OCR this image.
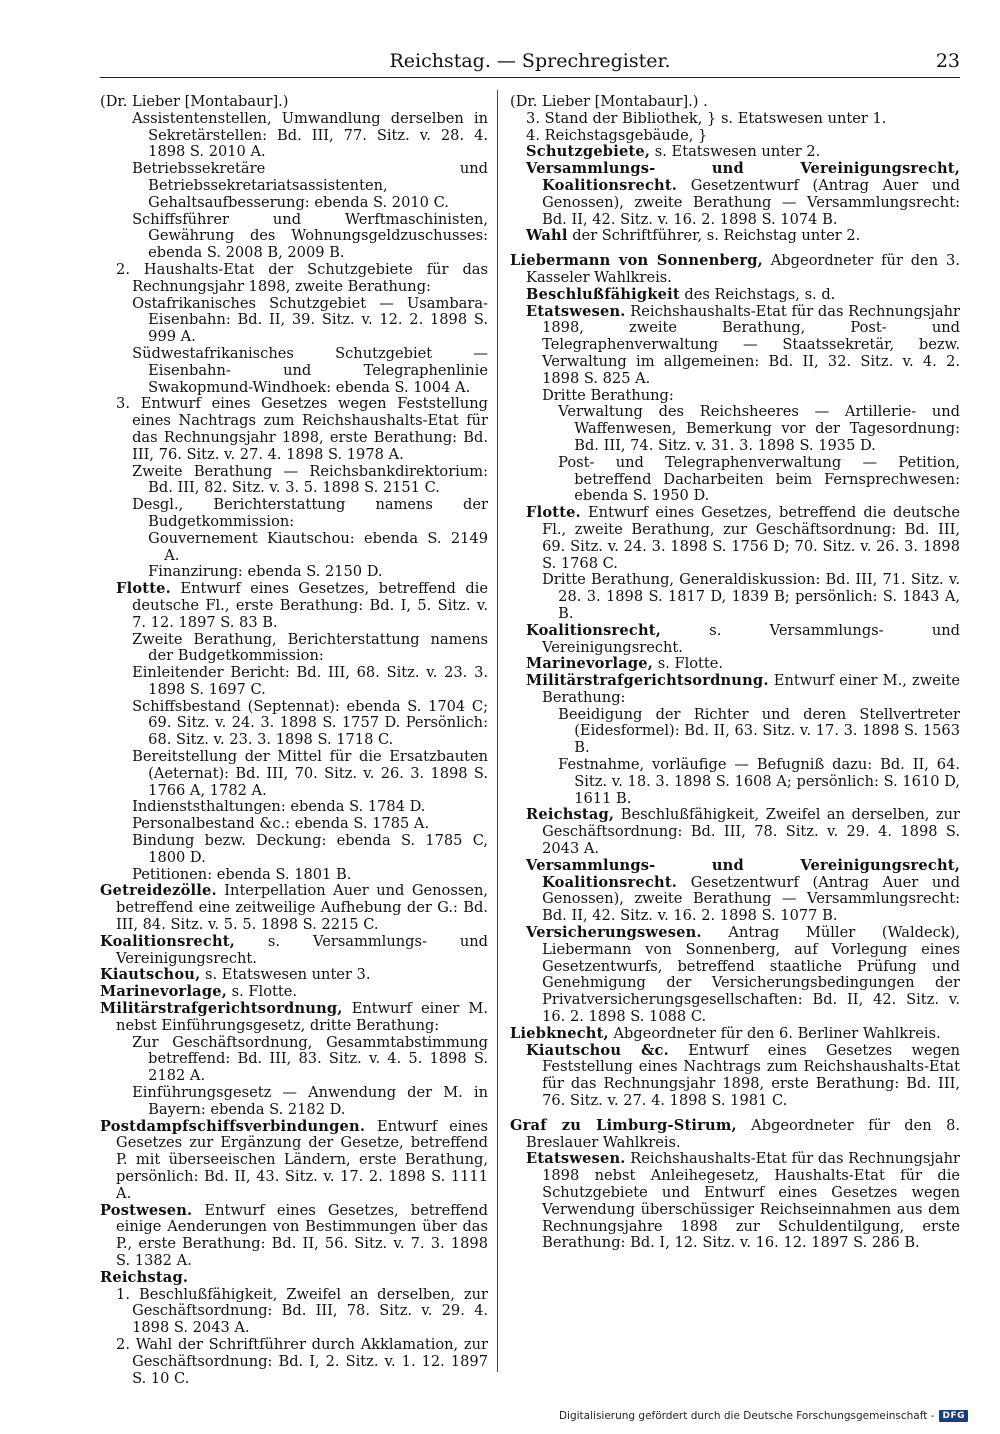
Reichstag. — Sprechregister.	23
(Dr. Lieber [Montabaur].)
Assistentenstellen, Umwandlung derselben in Sekretärstellen: Bd. III, 77. Sitz. v. 28. 4. 1898 S. 2010 A.
Betriebssekretäre und Betriebssekretariatsassistenten, Gehaltsaufbesserung: ebenda S. 2010 C.
Schiffsführer und Werftmaschinisten, Gewährung des Wohnungsgeldzuschusses: ebenda S. 2008 B, 2009 B.
2. Haushalts-Etat der Schutzgebiete für das Rechnungsjahr 1898, zweite Berathung:
Ostafrikanisches Schutzgebiet — Usambara-Eisenbahn: Bd. II, 39. Sitz. v. 12. 2. 1898 S. 999 A.
Südwestafrikanisches Schutzgebiet — Eisenbahn- und Telegraphenlinie Swakopmund-Windhoek: ebenda S. 1004 A.
3. Entwurf eines Gesetzes wegen Feststellung eines Nachtrags zum Reichshaushalts-Etat für das Rechnungsjahr 1898, erste Berathung: Bd. III, 76. Sitz. v. 27. 4. 1898 S. 1978 A.
Zweite Berathung — Reichsbankdirektorium: Bd. III, 82. Sitz. v. 3. 5. 1898 S. 2151 C.
Desgl., Berichterstattung namens der Budgetkommission:
Gouvernement Kiautschou: ebenda S. 2149 A.
Finanzirung: ebenda S. 2150 D.
Flotte. Entwurf eines Gesetzes, betreffend die deutsche Fl., erste Berathung: Bd. I, 5. Sitz. v. 7. 12. 1897 S. 83 B.
Zweite Berathung, Berichterstattung namens der Budgetkommission:
Einleitender Bericht: Bd. III, 68. Sitz. v. 23. 3. 1898 S. 1697 C.
Schiffsbestand (Septennat): ebenda S. 1704 C; 69. Sitz. v. 24. 3. 1898 S. 1757 D. Persönlich: 68. Sitz. v. 23. 3. 1898 S. 1718 C.
Bereitstellung der Mittel für die Ersatzbauten (Aeternat): Bd. III, 70. Sitz. v. 26. 3. 1898 S. 1766 A, 1782 A.
Indienststhaltungen: ebenda S. 1784 D.
Personalbestand &c.: ebenda S. 1785 A.
Bindung bezw. Deckung: ebenda S. 1785 C, 1800 D.
Petitionen: ebenda S. 1801 B.
Getreidezölle. Interpellation Auer und Genossen, betreffend eine zeitweilige Aufhebung der G.: Bd. III, 84. Sitz. v. 5. 5. 1898 S. 2215 C.
Koalitionsrecht, s. Versammlungs- und Vereinigungsrecht.
Kiautschou, s. Etatswesen unter 3.
Marinevorlage, s. Flotte.
Militärstrafgerichtsordnung, Entwurf einer M. nebst Einführungsgesetz, dritte Berathung:
Zur Geschäftsordnung, Gesammtabstimmung betreffend: Bd. III, 83. Sitz. v. 4. 5. 1898 S. 2182 A.
Einführungsgesetz — Anwendung der M. in Bayern: ebenda S. 2182 D.
Postdampfschiffsverbindungen. Entwurf eines Gesetzes zur Ergänzung der Gesetze, betreffend P. mit überseeischen Ländern, erste Berathung, persönlich: Bd. II, 43. Sitz. v. 17. 2. 1898 S. 1111 A.
Postwesen. Entwurf eines Gesetzes, betreffend einige Aenderungen von Bestimmungen über das P., erste Berathung: Bd. II, 56. Sitz. v. 7. 3. 1898 S. 1382 A.
Reichstag.
1. Beschlußfähigkeit, Zweifel an derselben, zur Geschäftsordnung: Bd. III, 78. Sitz. v. 29. 4. 1898 S. 2043 A.
2. Wahl der Schriftführer durch Akklamation, zur Geschäftsordnung: Bd. I, 2. Sitz. v. 1. 12. 1897 S. 10 C.
(Dr. Lieber [Montabaur].) .
3. Stand der Bibliothek, } s. Etatswesen unter 1.
4. Reichstagsgebäude, }
Schutzgebiete, s. Etatswesen unter 2.
Versammlungs- und Vereinigungsrecht, Koalitionsrecht. Gesetzentwurf (Antrag Auer und Genossen), zweite Berathung — Versammlungsrecht: Bd. II, 42. Sitz. v. 16. 2. 1898 S. 1074 B.
Wahl der Schriftführer, s. Reichstag unter 2.
Liebermann von Sonnenberg, Abgeordneter für den 3. Kasseler Wahlkreis.
Beschlußfähigkeit des Reichstags, s. d.
Etatswesen. Reichshaushalts-Etat für das Rechnungsjahr 1898, zweite Berathung, Post- und Telegraphenverwaltung — Staatssekretär, bezw. Verwaltung im allgemeinen: Bd. II, 32. Sitz. v. 4. 2. 1898 S. 825 A.
Dritte Berathung:
Verwaltung des Reichsheeres — Artillerie- und Waffenwesen, Bemerkung vor der Tagesordnung: Bd. III, 74. Sitz. v. 31. 3. 1898 S. 1935 D.
Post- und Telegraphenverwaltung — Petition, betreffend Dacharbeiten beim Fernsprechwesen: ebenda S. 1950 D.
Flotte. Entwurf eines Gesetzes, betreffend die deutsche Fl., zweite Berathung, zur Geschäftsordnung: Bd. III, 69. Sitz. v. 24. 3. 1898 S. 1756 D; 70. Sitz. v. 26. 3. 1898 S. 1768 C.
Dritte Berathung, Generaldiskussion: Bd. III, 71. Sitz. v. 28. 3. 1898 S. 1817 D, 1839 B; persönlich: S. 1843 A, B.
Koalitionsrecht, s. Versammlungs- und Vereinigungsrecht.
Marinevorlage, s. Flotte.
Militärstrafgerichtsordnung. Entwurf einer M., zweite Berathung:
Beeidigung der Richter und deren Stellvertreter (Eidesformel): Bd. II, 63. Sitz. v. 17. 3. 1898 S. 1563 B.
Festnahme, vorläufige — Befugniß dazu: Bd. II, 64. Sitz. v. 18. 3. 1898 S. 1608 A; persönlich: S. 1610 D, 1611 B.
Reichstag, Beschlußfähigkeit, Zweifel an derselben, zur Geschäftsordnung: Bd. III, 78. Sitz. v. 29. 4. 1898 S. 2043 A.
Versammlungs- und Vereinigungsrecht, Koalitionsrecht. Gesetzentwurf (Antrag Auer und Genossen), zweite Berathung — Versammlungsrecht: Bd. II, 42. Sitz. v. 16. 2. 1898 S. 1077 B.
Versicherungswesen. Antrag Müller (Waldeck), Liebermann von Sonnenberg, auf Vorlegung eines Gesetzentwurfs, betreffend staatliche Prüfung und Genehmigung der Versicherungsbedingungen der Privatversicherungsgesellschaften: Bd. II, 42. Sitz. v. 16. 2. 1898 S. 1088 C.
Liebknecht, Abgeordneter für den 6. Berliner Wahlkreis.
Kiautschou &c. Entwurf eines Gesetzes wegen Feststellung eines Nachtrags zum Reichshaushalts-Etat für das Rechnungsjahr 1898, erste Berathung: Bd. III, 76. Sitz. v. 27. 4. 1898 S. 1981 C.
Graf zu Limburg-Stirum, Abgeordneter für den 8. Breslauer Wahlkreis.
Etatswesen. Reichshaushalts-Etat für das Rechnungsjahr 1898 nebst Anleihegesetz, Haushalts-Etat für die Schutzgebiete und Entwurf eines Gesetzes wegen Verwendung überschüssiger Reichseinnahmen aus dem Rechnungsjahre 1898 zur Schuldentilgung, erste Berathung: Bd. I, 12. Sitz. v. 16. 12. 1897 S. 286 B.
Digitalisierung gefördert durch die Deutsche Forschungsgemeinschaft - DFG
